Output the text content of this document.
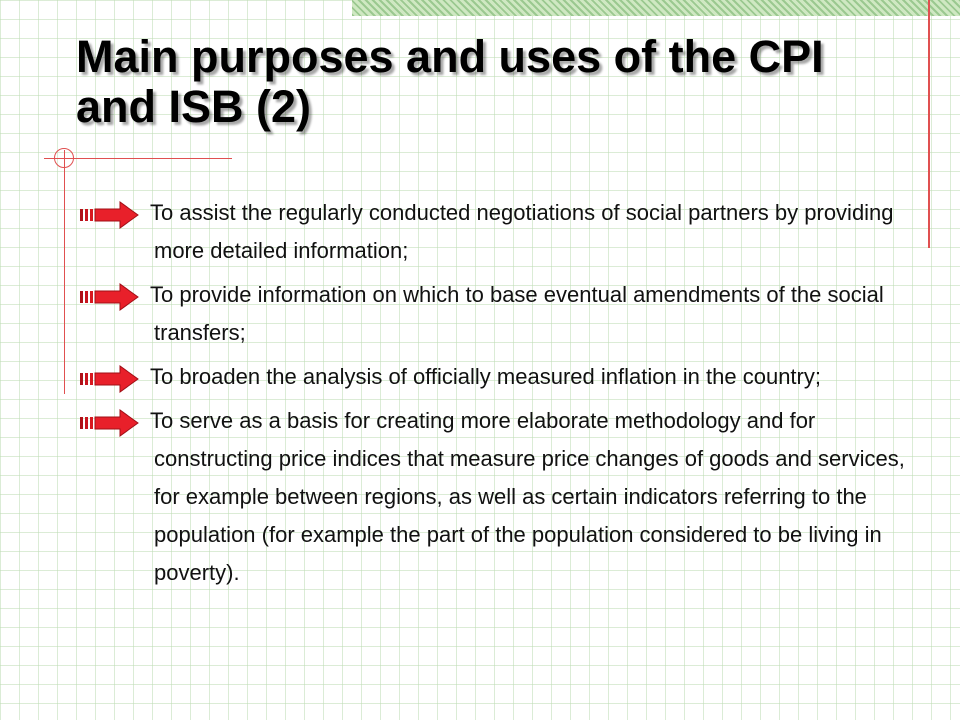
Main purposes and uses of the CPI and ISB (2)
To assist the regularly conducted negotiations of social partners by providing more detailed information;
To provide information on which to base eventual amendments of the social transfers;
To broaden the analysis of officially measured inflation in the country;
To serve as a basis for creating more elaborate methodology and for constructing price indices that measure price changes of goods and services, for example between regions, as well as certain indicators referring to the population (for example the part of the population considered to be living in poverty).
